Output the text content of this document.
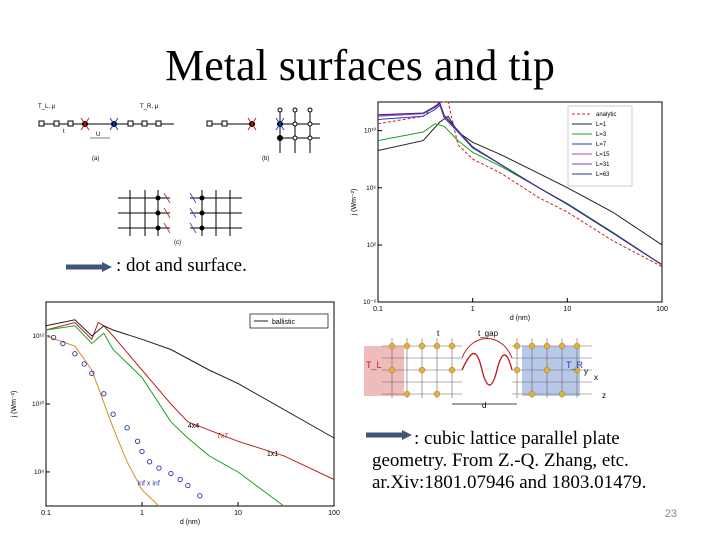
Metal surfaces and tip
T_L, μ	T_R, μ
t	U
(a)	(b)
(c)
: dot and surface.
0.1	1	10	100
10⁻²
10²
10⁶
10¹⁰
d (nm)
j (Wm⁻²)
analytic
L=1
L=3
L=7
L=15
L=31
L=63
0.1	1	10	100
10⁸
10¹⁰
10¹²
d (nm)
j (Wm⁻²)
ballistic
1x1
4x4
7x7
inf x inf
t	t_gap
T_L	T_R
d
x
y
z
: cubic lattice parallel plate geometry. From Z.-Q. Zhang, etc. ar.Xiv:1801.07946 and 1803.01479.
23
